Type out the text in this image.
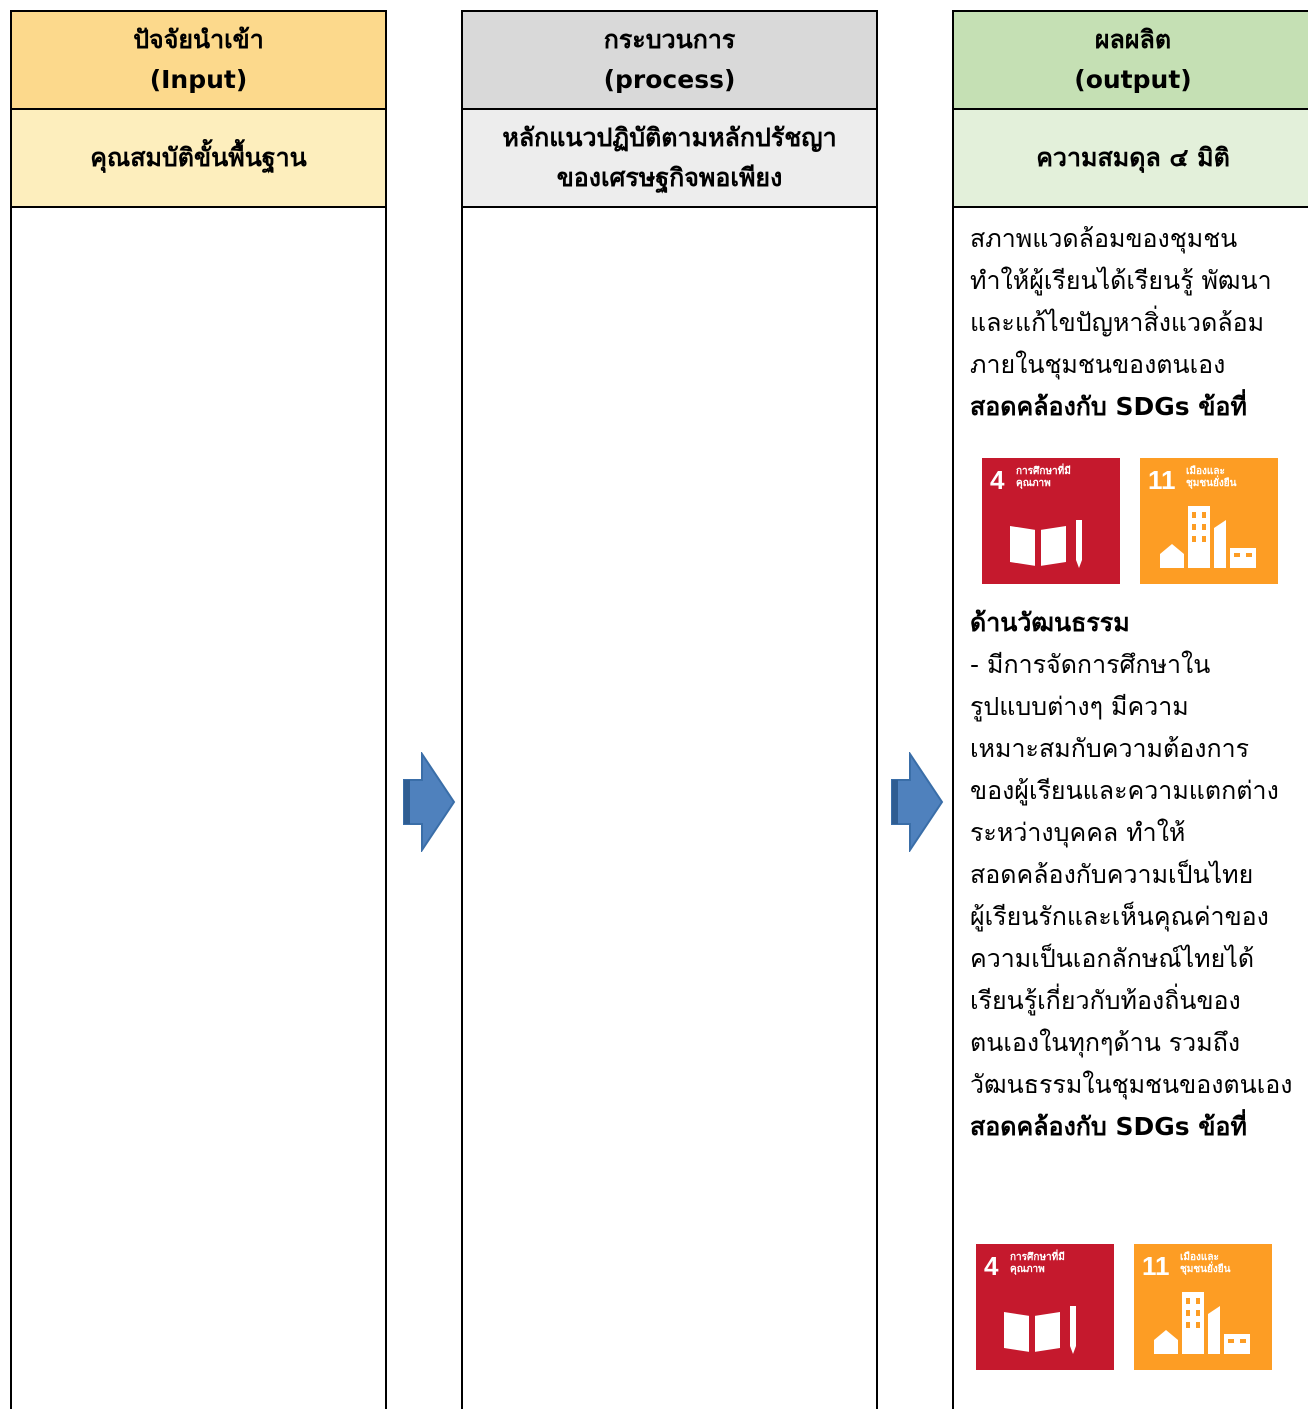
ปัจจัยนำเข้า
(Input)
คุณสมบัติขั้นพื้นฐาน
กระบวนการ
(process)
หลักแนวปฏิบัติตามหลักปรัชญา
ของเศรษฐกิจพอเพียง
ผลผลิต
(output)
ความสมดุล ๔ มิติ
สภาพแวดล้อมของชุมชน
ทำให้ผู้เรียนได้เรียนรู้ พัฒนา
และแก้ไขปัญหาสิ่งแวดล้อม
ภายในชุมชนของตนเอง
สอดคล้องกับ SDGs ข้อที่
4 การศึกษาที่มี
คุณภาพ	11 เมืองและ
ชุมชนยั่งยืน
ด้านวัฒนธรรม
- มีการจัดการศึกษาใน
รูปแบบต่างๆ มีความ
เหมาะสมกับความต้องการ
ของผู้เรียนและความแตกต่าง
ระหว่างบุคคล ทำให้
สอดคล้องกับความเป็นไทย
ผู้เรียนรักและเห็นคุณค่าของ
ความเป็นเอกลักษณ์ไทยได้
เรียนรู้เกี่ยวกับท้องถิ่นของ
ตนเองในทุกๆด้าน รวมถึง
วัฒนธรรมในชุมชนของตนเอง
สอดคล้องกับ SDGs ข้อที่
4 การศึกษาที่มี
คุณภาพ	11 เมืองและ
ชุมชนยั่งยืน
